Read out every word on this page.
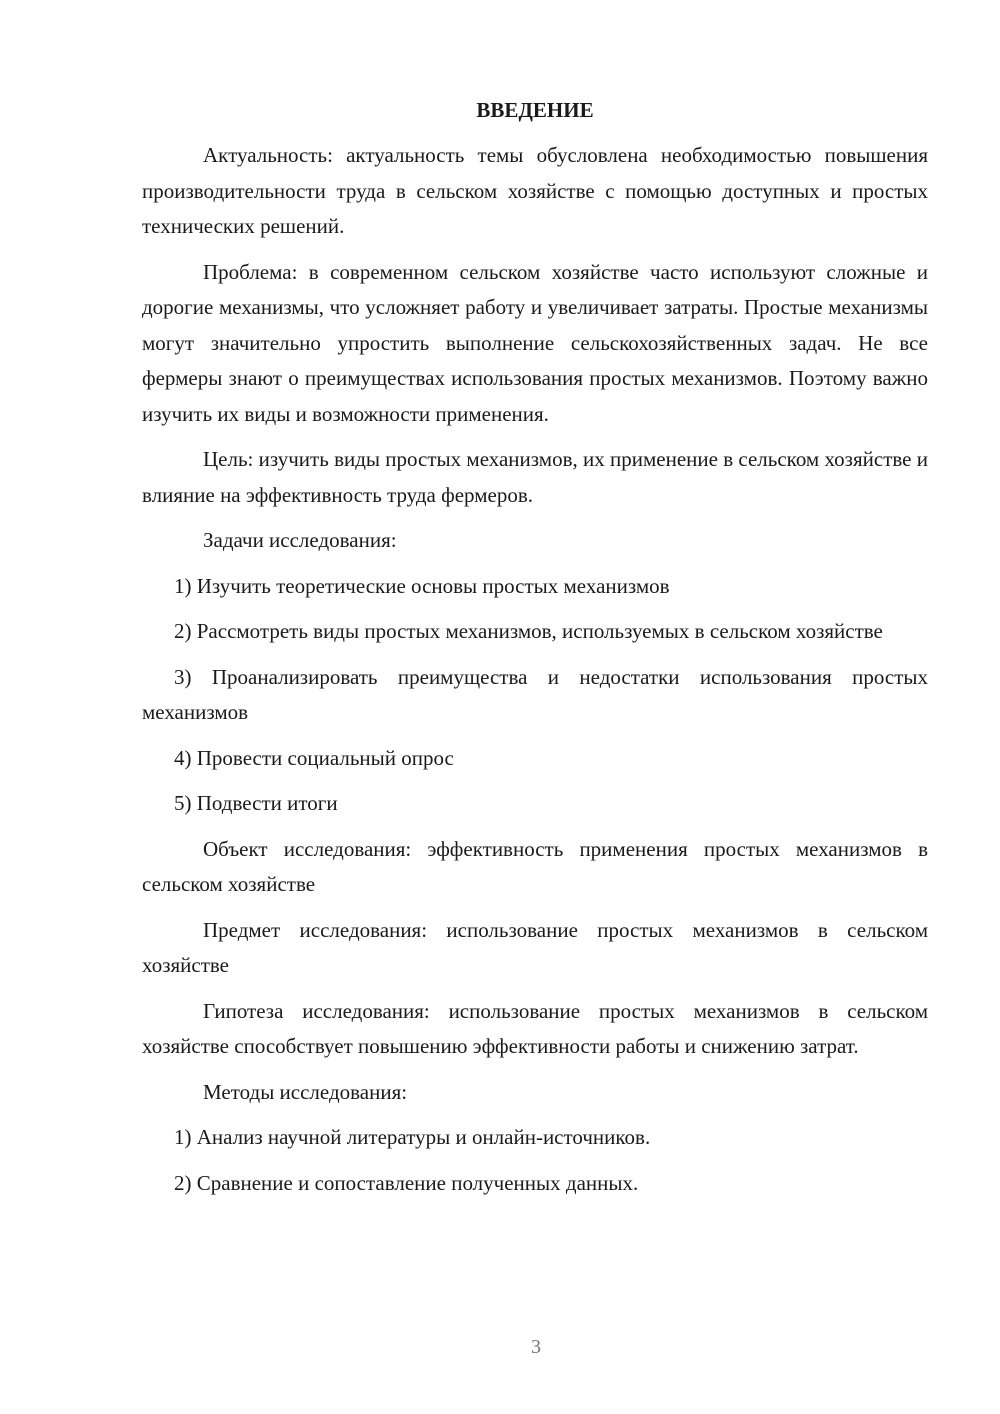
ВВЕДЕНИЕ
Актуальность: актуальность темы обусловлена необходимостью повышения производительности труда в сельском хозяйстве с помощью доступных и простых технических решений.
Проблема: в современном сельском хозяйстве часто используют сложные и дорогие механизмы, что усложняет работу и увеличивает затраты. Простые механизмы могут значительно упростить выполнение сельскохозяйственных задач. Не все фермеры знают о преимуществах использования простых механизмов. Поэтому важно изучить их виды и возможности применения.
Цель: изучить виды простых механизмов, их применение в сельском хозяйстве и влияние на эффективность труда фермеров.
Задачи исследования:
1) Изучить теоретические основы простых механизмов
2) Рассмотреть виды простых механизмов, используемых в сельском хозяйстве
3) Проанализировать преимущества и недостатки использования простых механизмов
4) Провести социальный опрос
5) Подвести итоги
Объект исследования: эффективность применения простых механизмов в сельском хозяйстве
Предмет исследования: использование простых механизмов в сельском хозяйстве
Гипотеза исследования: использование простых механизмов в сельском хозяйстве способствует повышению эффективности работы и снижению затрат.
Методы исследования:
1) Анализ научной литературы и онлайн-источников.
2) Сравнение и сопоставление полученных данных.
3
